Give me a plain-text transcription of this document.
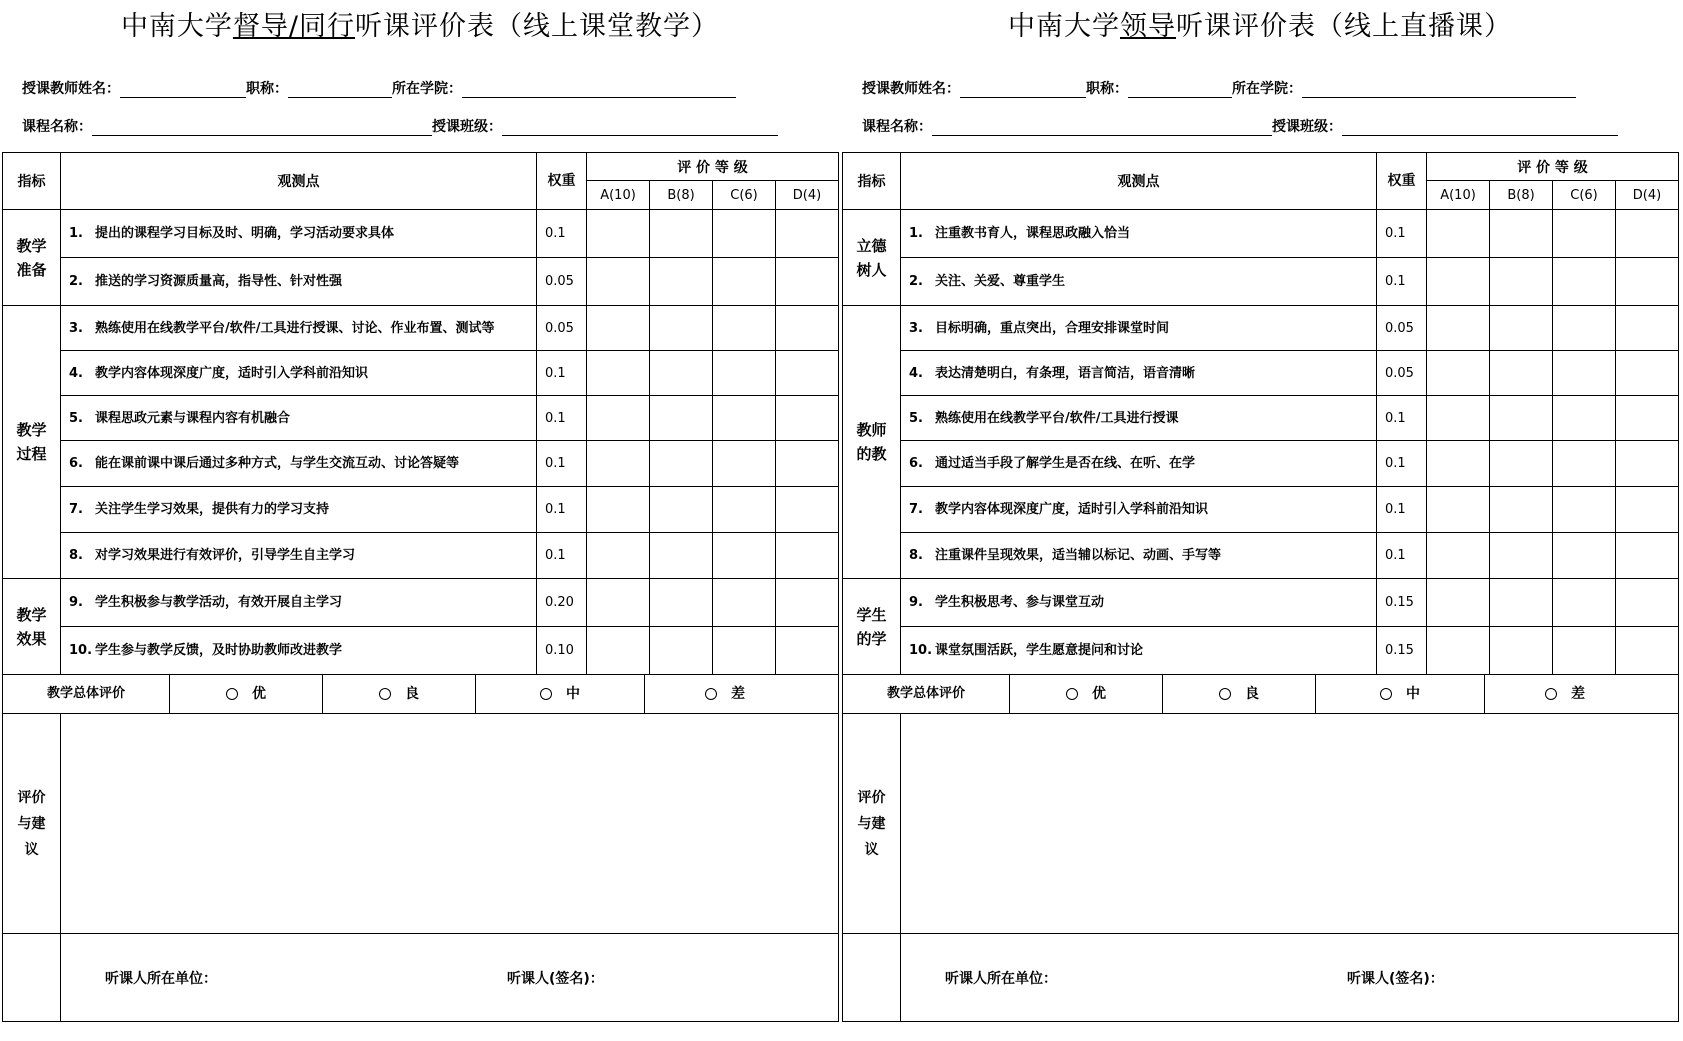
中南大学督导/同行听课评价表（线上课堂教学）
授课教师姓名：	职称：	所在学院：
课程名称：	授课班级：
指标	观测点	权重	评 价 等 级			
			A(10)	B(8)	C(6)	D(4)

教学准备	1. 提出的课程学习目标及时、明确，学习活动要求具体	0.1				

	2. 推送的学习资源质量高，指导性、针对性强	0.05				

教学过程	3. 熟练使用在线教学平台/软件/工具进行授课、讨论、作业布置、测试等	0.05				

	4. 教学内容体现深度广度，适时引入学科前沿知识	0.1				

	5. 课程思政元素与课程内容有机融合	0.1				

	6. 能在课前课中课后通过多种方式，与学生交流互动、讨论答疑等	0.1				

	7. 关注学生学习效果，提供有力的学习支持	0.1				

	8. 对学习效果进行有效评价，引导学生自主学习	0.1				

教学效果	9. 学生积极参与教学活动，有效开展自主学习	0.20				

	10. 学生参与教学反馈，及时协助教师改进教学	0.10				

教学总体评价 优 良 中 差						

评价与建议						

	听课人所在单位： 听课人(签名)：					
中南大学领导听课评价表（线上直播课）
授课教师姓名：	职称：	所在学院：
课程名称：	授课班级：
指标	观测点	权重	评 价 等 级			
			A(10)	B(8)	C(6)	D(4)

立德树人	1. 注重教书育人，课程思政融入恰当	0.1				

	2. 关注、关爱、尊重学生	0.1				

教师的教	3. 目标明确，重点突出，合理安排课堂时间	0.05				

	4. 表达清楚明白，有条理，语言简洁，语音清晰	0.05				

	5. 熟练使用在线教学平台/软件/工具进行授课	0.1				

	6. 通过适当手段了解学生是否在线、在听、在学	0.1				

	7. 教学内容体现深度广度，适时引入学科前沿知识	0.1				

	8. 注重课件呈现效果，适当辅以标记、动画、手写等	0.1				

学生的学	9. 学生积极思考、参与课堂互动	0.15				

	10. 课堂氛围活跃，学生愿意提问和讨论	0.15				

教学总体评价 优 良 中 差						

评价与建议						

	听课人所在单位： 听课人(签名)：					
